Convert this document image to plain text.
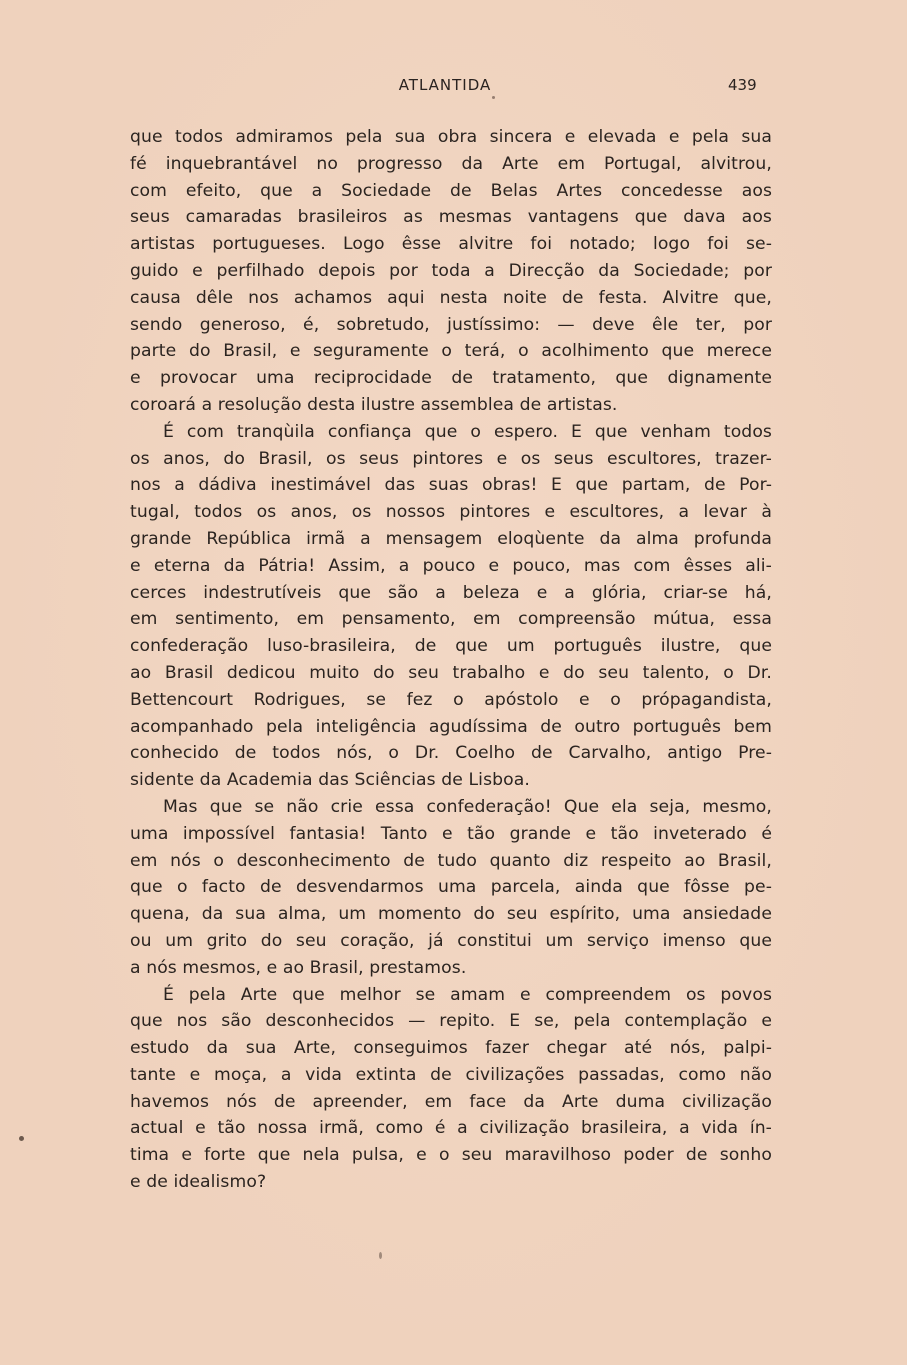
ATLANTIDA	439
que todos admiramos pela sua obra sincera e elevada e pela sua
fé inquebrantável no progresso da Arte em Portugal, alvitrou,
com efeito, que a Sociedade de Belas Artes concedesse aos
seus camaradas brasileiros as mesmas vantagens que dava aos
artistas portugueses. Logo êsse alvitre foi notado; logo foi se-
guido e perfilhado depois por toda a Direcção da Sociedade; por
causa dêle nos achamos aqui nesta noite de festa. Alvitre que,
sendo generoso, é, sobretudo, justíssimo: — deve êle ter, por
parte do Brasil, e seguramente o terá, o acolhimento que merece
e provocar uma reciprocidade de tratamento, que dignamente
coroará a resolução desta ilustre assemblea de artistas.
É com tranqùila confiança que o espero. E que venham todos
os anos, do Brasil, os seus pintores e os seus escultores, trazer-
nos a dádiva inestimável das suas obras! E que partam, de Por-
tugal, todos os anos, os nossos pintores e escultores, a levar à
grande República irmã a mensagem eloqùente da alma profunda
e eterna da Pátria! Assim, a pouco e pouco, mas com êsses ali-
cerces indestrutíveis que são a beleza e a glória, criar-se há,
em sentimento, em pensamento, em compreensão mútua, essa
confederação luso-brasileira, de que um português ilustre, que
ao Brasil dedicou muito do seu trabalho e do seu talento, o Dr.
Bettencourt Rodrigues, se fez o apóstolo e o própagandista,
acompanhado pela inteligência agudíssima de outro português bem
conhecido de todos nós, o Dr. Coelho de Carvalho, antigo Pre-
sidente da Academia das Sciências de Lisboa.
Mas que se não crie essa confederação! Que ela seja, mesmo,
uma impossível fantasia! Tanto e tão grande e tão inveterado é
em nós o desconhecimento de tudo quanto diz respeito ao Brasil,
que o facto de desvendarmos uma parcela, ainda que fôsse pe-
quena, da sua alma, um momento do seu espírito, uma ansiedade
ou um grito do seu coração, já constitui um serviço imenso que
a nós mesmos, e ao Brasil, prestamos.
É pela Arte que melhor se amam e compreendem os povos
que nos são desconhecidos — repito. E se, pela contemplação e
estudo da sua Arte, conseguimos fazer chegar até nós, palpi-
tante e moça, a vida extinta de civilizações passadas, como não
havemos nós de apreender, em face da Arte duma civilização
actual e tão nossa irmã, como é a civilização brasileira, a vida ín-
tima e forte que nela pulsa, e o seu maravilhoso poder de sonho
e de idealismo?
